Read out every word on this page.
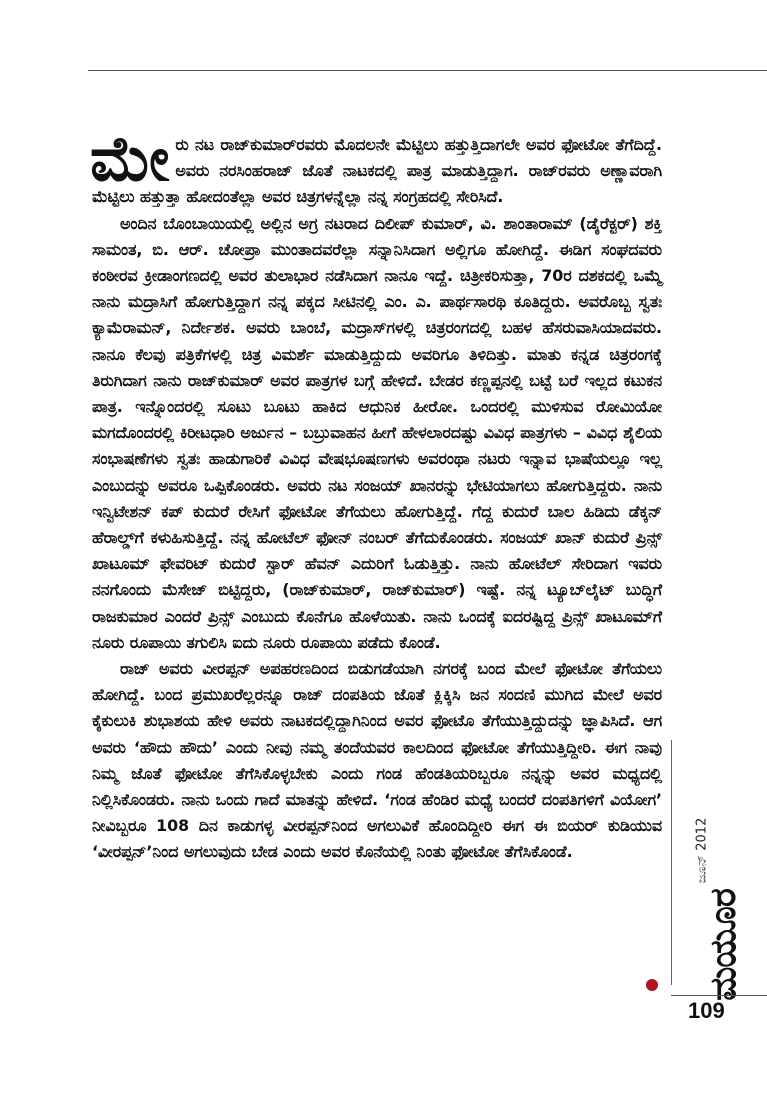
ಮೇರು ನಟ ರಾಜ್‌ಕುಮಾರ್‌ರವರು ಮೊದಲನೇ ಮೆಟ್ಟಿಲು ಹತ್ತುತ್ತಿದಾಗಲೇ ಅವರ ಫೋಟೋ ತೆಗೆದಿದ್ದೆ. ಅವರು ನರಸಿಂಹರಾಜ್ ಜೊತೆ ನಾಟಕದಲ್ಲಿ ಪಾತ್ರ ಮಾಡುತ್ತಿದ್ದಾಗ. ರಾಜ್‌ರವರು ಅಣ್ಣಾವರಾಗಿ ಮೆಟ್ಟಿಲು ಹತ್ತುತ್ತಾ ಹೋದಂತೆಲ್ಲಾ ಅವರ ಚಿತ್ರಗಳನ್ನೆಲ್ಲಾ ನನ್ನ ಸಂಗ್ರಹದಲ್ಲಿ ಸೇರಿಸಿದೆ.

ಅಂದಿನ ಬೊಂಬಾಯಿಯಲ್ಲಿ ಅಲ್ಲಿನ ಅಗ್ರ ನಟರಾದ ದಿಲೀಪ್ ಕುಮಾರ್, ವಿ. ಶಾಂತಾರಾಮ್ (ಡೈರೆಕ್ಟರ್) ಶಕ್ತಿ ಸಾಮಂತ, ಬಿ. ಆರ್. ಚೋಪ್ರಾ ಮುಂತಾದವರೆಲ್ಲಾ ಸನ್ನಾನಿಸಿದಾಗ ಅಲ್ಲಿಗೂ ಹೋಗಿದ್ದೆ. ಈಡಿಗ ಸಂಘದವರು ಕಂಠೀರವ ಕ್ರೀಡಾಂಗಣದಲ್ಲಿ ಅವರ ತುಲಾಭಾರ ನಡೆಸಿದಾಗ ನಾನೂ ಇದ್ದೆ. ಚಿತ್ರೀಕರಿಸುತ್ತಾ, 70ರ ದಶಕದಲ್ಲಿ ಒಮ್ಮೆ ನಾನು ಮದ್ರಾಸಿಗೆ ಹೋಗುತ್ತಿದ್ದಾಗ ನನ್ನ ಪಕ್ಕದ ಸೀಟಿನಲ್ಲಿ ಎಂ. ಎ. ಪಾರ್ಥಸಾರಥಿ ಕೂತಿದ್ದರು. ಅವರೊಬ್ಬ ಸ್ವತಃ ಕ್ಯಾಮೆರಾಮನ್, ನಿರ್ದೇಶಕ. ಅವರು ಬಾಂಬೆ, ಮದ್ರಾಸ್‌ಗಳಲ್ಲಿ ಚಿತ್ರರಂಗದಲ್ಲಿ ಬಹಳ ಹೆಸರುವಾಸಿಯಾದವರು. ನಾನೂ ಕೆಲವು ಪತ್ರಿಕೆಗಳಲ್ಲಿ ಚಿತ್ರ ವಿಮರ್ಶೆ ಮಾಡುತ್ತಿದ್ದುದು ಅವರಿಗೂ ತಿಳಿದಿತ್ತು. ಮಾತು ಕನ್ನಡ ಚಿತ್ರರಂಗಕ್ಕೆ ತಿರುಗಿದಾಗ ನಾನು ರಾಜ್‌ಕುಮಾರ್ ಅವರ ಪಾತ್ರಗಳ ಬಗ್ಗೆ ಹೇಳಿದೆ. ಬೇಡರ ಕಣ್ಣಪ್ಪನಲ್ಲಿ ಬಟ್ಟೆ ಬರೆ ಇಲ್ಲದ ಕಟುಕನ ಪಾತ್ರ. ಇನ್ನೊಂದರಲ್ಲಿ ಸೂಟು ಬೂಟು ಹಾಕಿದ ಆಧುನಿಕ ಹೀರೋ. ಒಂದರಲ್ಲಿ ಮುಳಿಸುವ ರೋಮಿಯೋ ಮಗದೊಂದರಲ್ಲಿ ಕಿರೀಟಧಾರಿ ಅರ್ಜುನ – ಬಬ್ರುವಾಹನ ಹೀಗೆ ಹೇಳಲಾರದಷ್ಟು ವಿವಿಧ ಪಾತ್ರಗಳು – ವಿವಿಧ ಶೈಲಿಯ ಸಂಭಾಷಣೆಗಳು ಸ್ವತಃ ಹಾಡುಗಾರಿಕೆ ವಿವಿಧ ವೇಷಭೂಷಣಗಳು ಅವರಂಥಾ ನಟರು ಇನ್ನಾವ ಭಾಷೆಯಲ್ಲೂ ಇಲ್ಲ ಎಂಬುದನ್ನು ಅವರೂ ಒಪ್ಪಿಕೊಂಡರು. ಅವರು ನಟ ಸಂಜಯ್ ಖಾನರನ್ನು ಭೇಟಿಯಾಗಲು ಹೋಗುತ್ತಿದ್ದರು. ನಾನು ಇನ್ವಿಟೇಶನ್ ಕಪ್ ಕುದುರೆ ರೇಸಿಗೆ ಫೋಟೋ ತೆಗೆಯಲು ಹೋಗುತ್ತಿದ್ದೆ. ಗೆದ್ದ ಕುದುರೆ ಬಾಲ ಹಿಡಿದು ಡೆಕ್ಕನ್ ಹೆರಾಲ್ಡ್‌ಗೆ ಕಳುಹಿಸುತ್ತಿದ್ದೆ. ನನ್ನ ಹೋಟೆಲ್ ಫೋನ್ ನಂಬರ್ ತೆಗೆದುಕೊಂಡರು. ಸಂಜಯ್ ಖಾನ್ ಕುದುರೆ ಪ್ರಿನ್ಸ್ ಖಾಟೂಮ್ ಫೇವರಿಟ್ ಕುದುರೆ ಸ್ಟಾರ್ ಹೆವನ್ ಎದುರಿಗೆ ಓಡುತ್ತಿತ್ತು. ನಾನು ಹೋಟೆಲ್ ಸೇರಿದಾಗ ಇವರು ನನಗೊಂದು ಮೆಸೇಜ್ ಬಿಟ್ಟಿದ್ದರು, (ರಾಜ್‌ಕುಮಾರ್, ರಾಜ್‌ಕುಮಾರ್) ಇಷ್ಟೆ. ನನ್ನ ಟ್ಯೂಬ್‌ಲೈಟ್ ಬುದ್ಧಿಗೆ ರಾಜಕುಮಾರ ಎಂದರೆ ಪ್ರಿನ್ಸ್ ಎಂಬುದು ಕೊನೆಗೂ ಹೊಳೆಯಿತು. ನಾನು ಒಂದಕ್ಕೆ ಐದರಷ್ಟಿದ್ದ ಪ್ರಿನ್ಸ್ ಖಾಟೂಮ್‌ಗೆ ನೂರು ರೂಪಾಯಿ ತಗುಲಿಸಿ ಐದು ನೂರು ರೂಪಾಯಿ ಪಡೆದು ಕೊಂಡೆ.

ರಾಜ್ ಅವರು ವೀರಪ್ಪನ್ ಅಪಹರಣದಿಂದ ಬಿಡುಗಡೆಯಾಗಿ ನಗರಕ್ಕೆ ಬಂದ ಮೇಲೆ ಫೋಟೋ ತೆಗೆಯಲು ಹೋಗಿದ್ದೆ. ಬಂದ ಪ್ರಮುಖರೆಲ್ಲರನ್ನೂ ರಾಜ್ ದಂಪತಿಯ ಜೊತೆ ಕ್ಲಿಕ್ಕಿಸಿ ಜನ ಸಂದಣಿ ಮುಗಿದ ಮೇಲೆ ಅವರ ಕೈಕುಲುಕಿ ಶುಭಾಶಯ ಹೇಳಿ ಅವರು ನಾಟಕದಲ್ಲಿದ್ದಾಗಿನಿಂದ ಅವರ ಫೋಟೊ ತೆಗೆಯುತ್ತಿದ್ದುದನ್ನು ಜ್ಞಾಪಿಸಿದೆ. ಆಗ ಅವರು ‘ಹೌದು ಹೌದು’ ಎಂದು ನೀವು ನಮ್ಮ ತಂದೆಯವರ ಕಾಲದಿಂದ ಫೋಟೋ ತೆಗೆಯುತ್ತಿದ್ದೀರಿ. ಈಗ ನಾವು ನಿಮ್ಮ ಜೊತೆ ಫೋಟೋ ತೆಗೆಸಿಕೊಳ್ಳಬೇಕು ಎಂದು ಗಂಡ ಹೆಂಡತಿಯರಿಬ್ಬರೂ ನನ್ನನ್ನು ಅವರ ಮಧ್ಯದಲ್ಲಿ ನಿಲ್ಲಿಸಿಕೊಂಡರು. ನಾನು ಒಂದು ಗಾದೆ ಮಾತನ್ನು ಹೇಳಿದೆ. ‘ಗಂಡ ಹೆಂಡಿರ ಮಧ್ಯೆ ಬಂದರೆ ದಂಪತಿಗಳಿಗೆ ವಿಯೋಗ’ ನೀವಿಬ್ಬರೂ 108 ದಿನ ಕಾಡುಗಳ್ಳ ವೀರಪ್ಪನ್‌ನಿಂದ ಅಗಲುವಿಕೆ ಹೊಂದಿದ್ದೀರಿ ಈಗ ಈ ಬಿಯರ್ ಕುಡಿಯುವ ‘ವೀರಪ್ಪನ್’ನಿಂದ ಅಗಲುವುದು ಬೇಡ ಎಂದು ಅವರ ಕೊನೆಯಲ್ಲಿ ನಿಂತು ಫೋಟೋ ತೆಗೆಸಿಕೊಂಡೆ.	ಜೂನ್ 2012
ಮಯೂರ
109
